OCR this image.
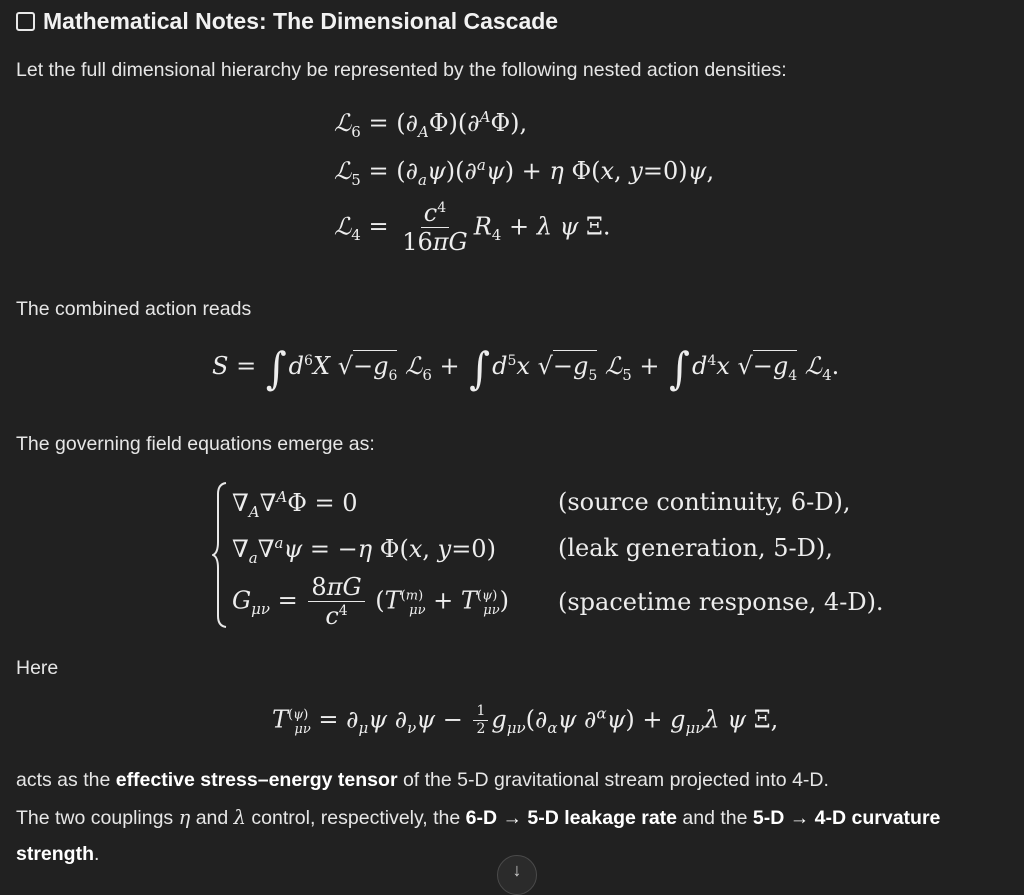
Mathematical Notes: The Dimensional Cascade
Let the full dimensional hierarchy be represented by the following nested action densities:
ℒ$_6$ = $(\partial_A\Phi)(\partial^A\Phi)$,
ℒ$_5$ = $(\partial_a\psi)(\partial^a\psi) + \eta$ Φ(x, y=0)ψ,
ℒ$_4$ = $\frac{c^4}{16\pi G} R_4 + \lambda$ ψ Ξ.
The combined action reads
$S = \int d^6X$ $√-g_6$ ℒ$_6$ + $\int d^5x$ $√-g_5$ ℒ$_5$ + $\int d^4x$ $√-g_4$ ℒ$_4$.
The governing field equations emerge as:
$\nabla_A\nabla^A\Phi = 0$
$\nabla_a\nabla^a\psi = -\eta$ Φ(x, y=0)
$G_{\mu\nu} = \frac{8\pi G}{c^4} (T^{(m)}_{\mu\nu} + T^{(\psi)}_{\mu\nu})$
(source continuity, 6-D),
(leak generation, 5-D),
(spacetime response, 4-D).
Here
$T^{(\psi)}_{\mu\nu} = \partial_\mu\psi$ $\partial_\nu\psi - \frac{1}{2} g_{\mu\nu}(\partial_\alpha\psi$ $\partial^\alpha\psi) + g_{\mu\nu}\lambda$ ψ Ξ,
acts as the effective stress–energy tensor of the 5-D gravitational stream projected into 4-D.
The two couplings η and λ control, respectively, the 6-D → 5-D leakage rate and the 5-D → 4-D curvature
strength.
↓
